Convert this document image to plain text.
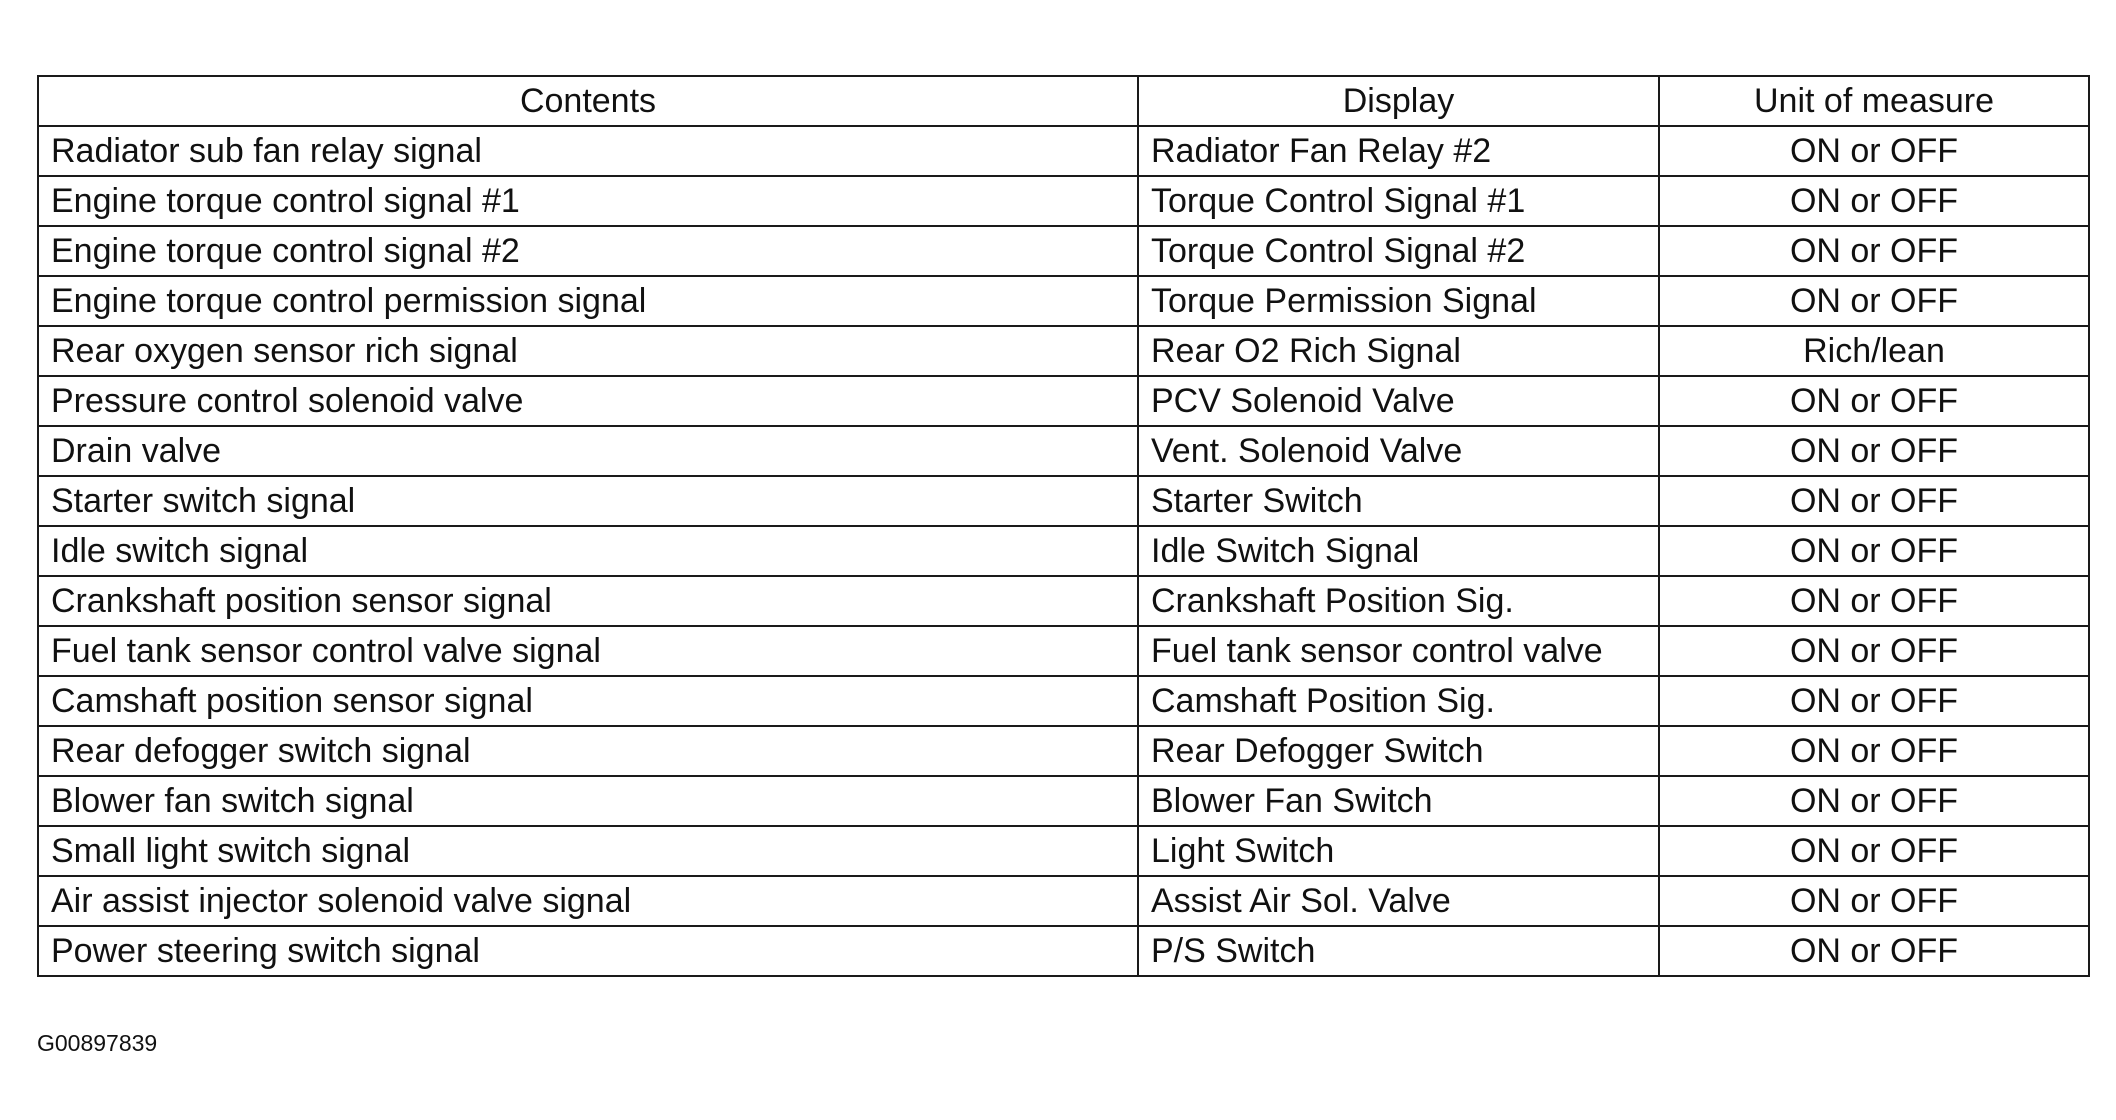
Contents	Display	Unit of measure
Radiator sub fan relay signal	Radiator Fan Relay #2	ON or OFF
Engine torque control signal #1	Torque Control Signal #1	ON or OFF
Engine torque control signal #2	Torque Control Signal #2	ON or OFF
Engine torque control permission signal	Torque Permission Signal	ON or OFF
Rear oxygen sensor rich signal	Rear O2 Rich Signal	Rich/lean
Pressure control solenoid valve	PCV Solenoid Valve	ON or OFF
Drain valve	Vent. Solenoid Valve	ON or OFF
Starter switch signal	Starter Switch	ON or OFF
Idle switch signal	Idle Switch Signal	ON or OFF
Crankshaft position sensor signal	Crankshaft Position Sig.	ON or OFF
Fuel tank sensor control valve signal	Fuel tank sensor control valve	ON or OFF
Camshaft position sensor signal	Camshaft Position Sig.	ON or OFF
Rear defogger switch signal	Rear Defogger Switch	ON or OFF
Blower fan switch signal	Blower Fan Switch	ON or OFF
Small light switch signal	Light Switch	ON or OFF
Air assist injector solenoid valve signal	Assist Air Sol. Valve	ON or OFF
Power steering switch signal	P/S Switch	ON or OFF
G00897839
